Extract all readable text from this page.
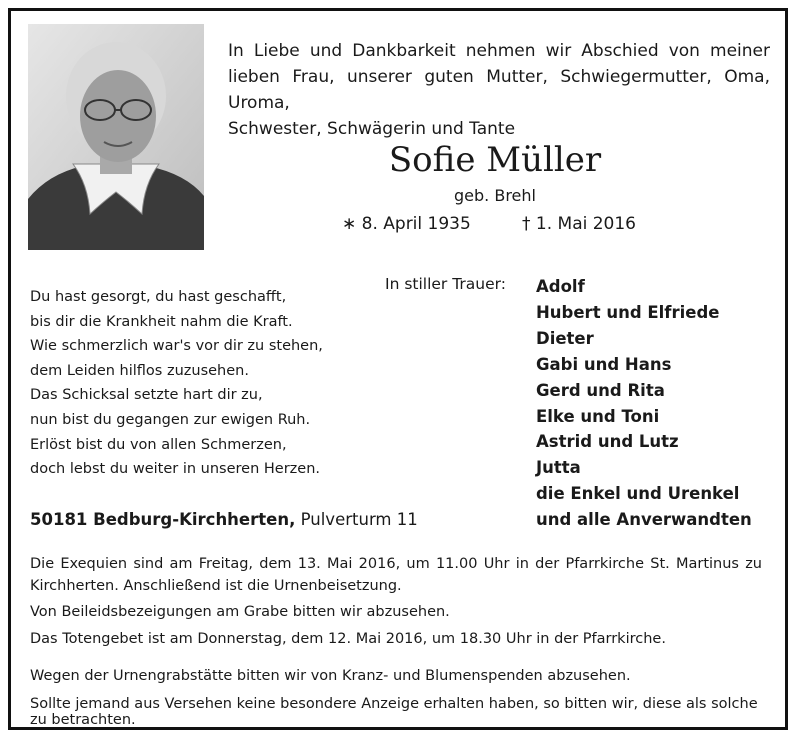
In Liebe und Dankbarkeit nehmen wir Abschied von meiner
lieben Frau, unserer guten Mutter, Schwiegermutter, Oma, Uroma,
Schwester, Schwägerin und Tante
Sofie Müller
geb. Brehl
∗ 8. April 1935	† 1. Mai 2016
Du hast gesorgt, du hast geschafft,
bis dir die Krankheit nahm die Kraft.
Wie schmerzlich war's vor dir zu stehen,
dem Leiden hilflos zuzusehen.
Das Schicksal setzte hart dir zu,
nun bist du gegangen zur ewigen Ruh.
Erlöst bist du von allen Schmerzen,
doch lebst du weiter in unseren Herzen.
In stiller Trauer: Adolf
Hubert und Elfriede
Dieter
Gabi und Hans
Gerd und Rita
Elke und Toni
Astrid und Lutz
Jutta
die Enkel und Urenkel
und alle Anverwandten
50181 Bedburg-Kirchherten, Pulverturm 11
Die Exequien sind am Freitag, dem 13. Mai 2016, um 11.00 Uhr in der Pfarrkirche St. Martinus zu Kirchherten. Anschließend ist die Urnenbeisetzung.
Von Beileidsbezeigungen am Grabe bitten wir abzusehen.
Das Totengebet ist am Donnerstag, dem 12. Mai 2016, um 18.30 Uhr in der Pfarrkirche.
Wegen der Urnengrabstätte bitten wir von Kranz- und Blumenspenden abzusehen.
Sollte jemand aus Versehen keine besondere Anzeige erhalten haben, so bitten wir, diese als solche zu betrachten.
